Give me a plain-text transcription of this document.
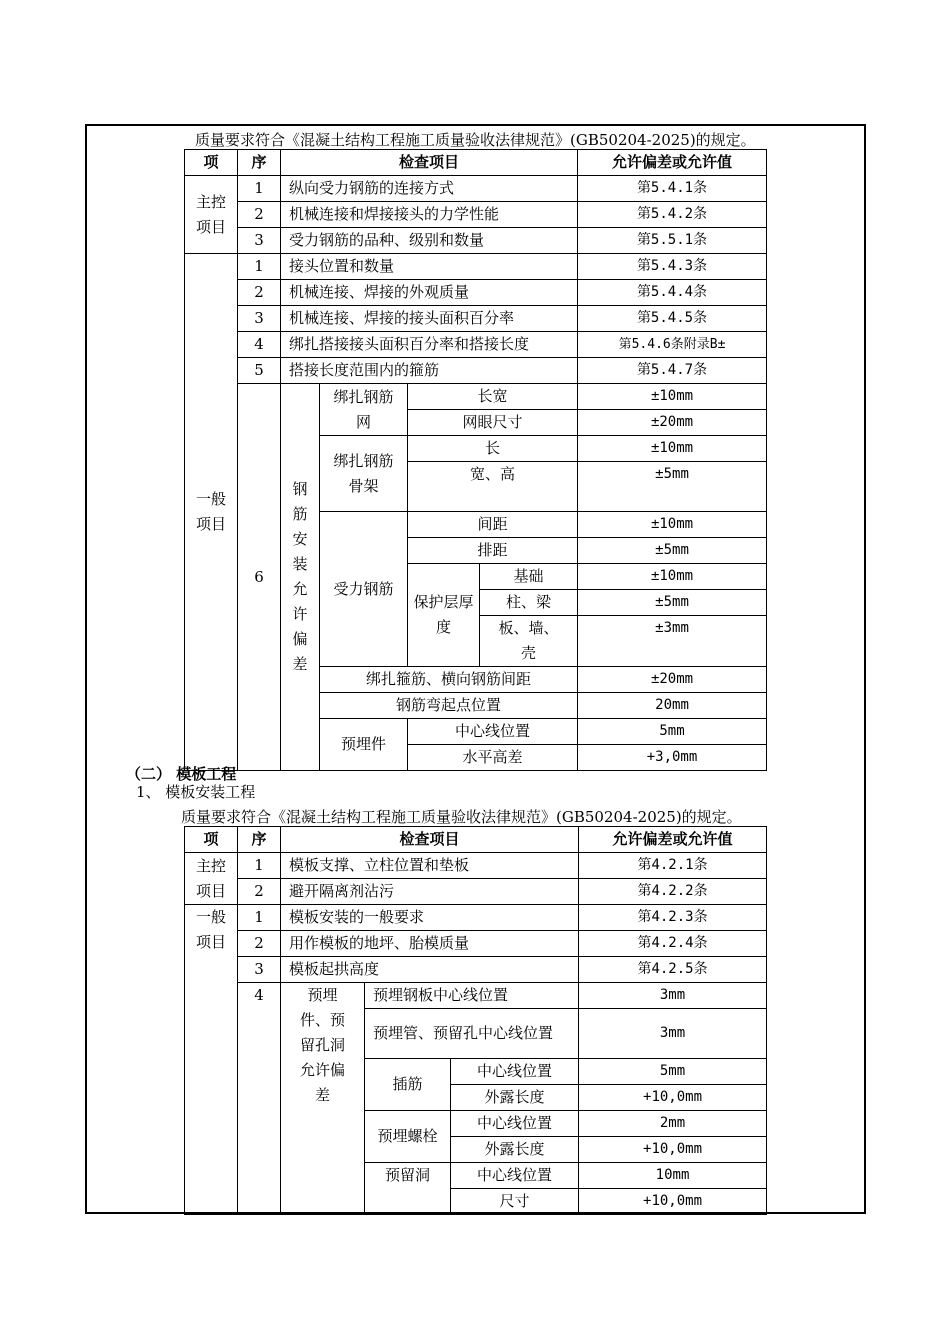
质量要求符合《混凝土结构工程施工质量验收法律规范》(GB50204-2025)的规定。
项	序	检查项目				允许偏差或允许值

主控项目	1	纵向受力钢筋的连接方式				第5.4.1条
	2	机械连接和焊接接头的力学性能				第5.4.2条
	3	受力钢筋的品种、级别和数量				第5.5.1条

一般项目	1	接头位置和数量				第5.4.3条
	2	机械连接、焊接的外观质量				第5.4.4条
	3	机械连接、焊接的接头面积百分率				第5.4.5条
	4	绑扎搭接接头面积百分率和搭接长度				第5.4.6条附录B±
	5	搭接长度范围内的箍筋				第5.4.7条
	6	钢筋安装允许偏差	绑扎钢筋网	长宽		±10mm
				网眼尺寸		±20mm

			绑扎钢筋骨架	长		±10mm
				宽、高		±5mm

			受力钢筋	间距		±10mm
				排距		±5mm

				保护层厚度	基础	±10mm
					柱、梁	±5mm

					板、墙、壳	±3mm
			绑扎箍筋、横向钢筋间距			±20mm
			钢筋弯起点位置			20mm
			预埋件	中心线位置		5mm
				水平高差		+3,0mm
（二） 模板工程
1、 模板安装工程
质量要求符合《混凝土结构工程施工质量验收法律规范》(GB50204-2025)的规定。
项	序	检查项目			允许偏差或允许值

主控项目	1	模板支撑、立柱位置和垫板			第4.2.1条
	2	避开隔离剂沾污			第4.2.2条

一般项目	1	模板安装的一般要求			第4.2.3条
	2	用作模板的地坪、胎模质量			第4.2.4条
	3	模板起拱高度			第4.2.5条
	4	预埋件、预留孔洞允许偏差	预埋钢板中心线位置		3mm

			预埋管、预留孔中心线位置		3mm
			插筋	中心线位置	5mm
				外露长度	+10,0mm

			预埋螺栓	中心线位置	2mm
				外露长度	+10,0mm
			预留洞	中心线位置	10mm
				尺寸	+10,0mm
